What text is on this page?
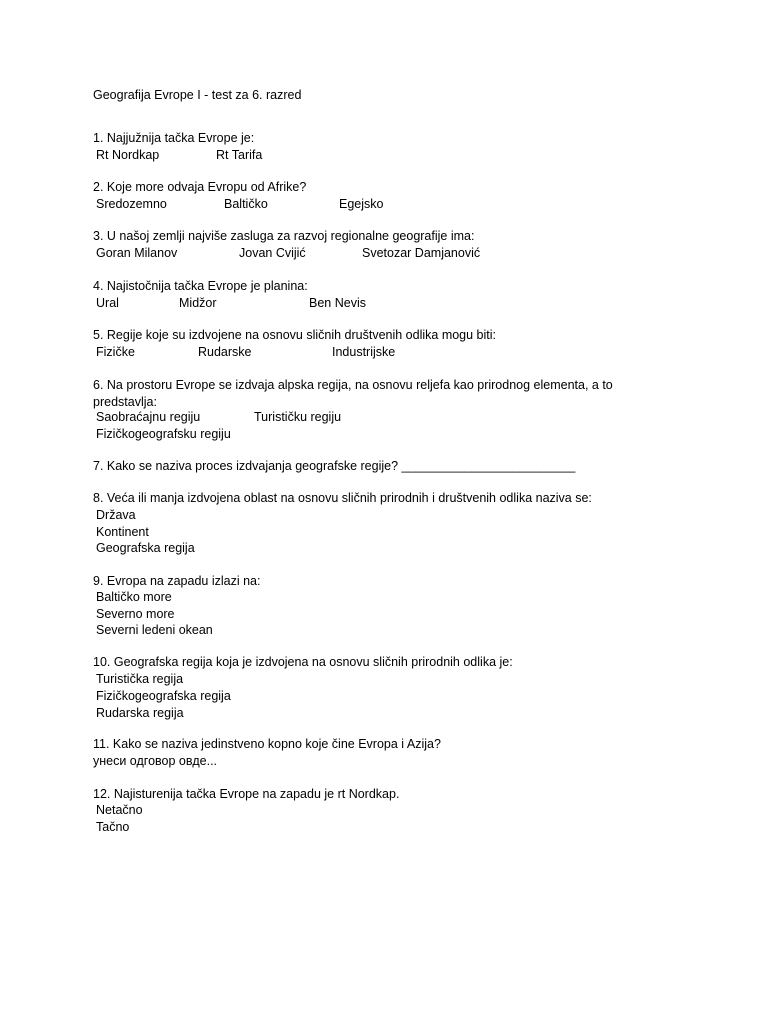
Geografija Evrope I - test za 6. razred
1. Najjužnija tačka Evrope je:
Rt Nordkap	Rt Tarifa
2. Koje more odvaja Evropu od Afrike?
Sredozemno	Baltičko	Egejsko
3. U našoj zemlji najviše zasluga za razvoj regionalne geografije ima:
Goran Milanov	Jovan Cvijić	Svetozar Damjanović
4. Najistočnija tačka Evrope je planina:
Ural	Midžor	Ben Nevis
5. Regije koje su izdvojene na osnovu sličnih društvenih odlika mogu biti:
Fizičke	Rudarske	Industrijske
6. Na prostoru Evrope se izdvaja alpska regija, na osnovu reljefa kao prirodnog elementa, a to predstavlja:
Saobraćajnu regiju	Turističku regiju
Fizičkogeografsku regiju
7. Kako se naziva proces izdvajanja geografske regije? _________________________
8. Veća ili manja izdvojena oblast na osnovu sličnih prirodnih i društvenih odlika naziva se:
Država
Kontinent
Geografska regija
9. Evropa na zapadu izlazi na:
Baltičko more
Severno more
Severni ledeni okean
10. Geografska regija koja je izdvojena na osnovu sličnih prirodnih odlika je:
Turistička regija
Fizičkogeografska regija
Rudarska regija
11. Kako se naziva jedinstveno kopno koje čine Evropa i Azija?
унеси одговор овде...
12. Najisturenija tačka Evrope na zapadu je rt Nordkap.
Netačno
Tačno
